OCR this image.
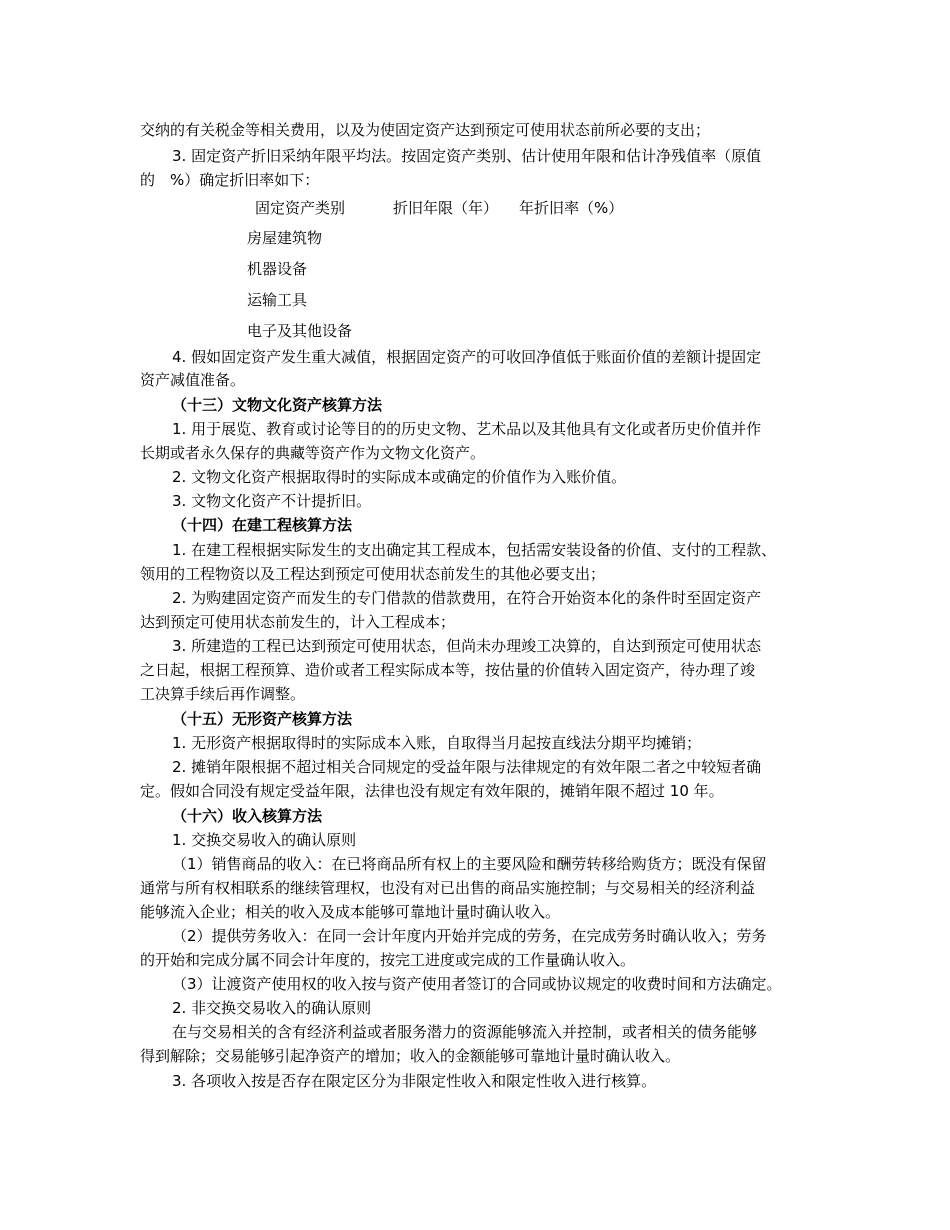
交纳的有关税金等相关费用，以及为使固定资产达到预定可使用状态前所必要的支出；
3. 固定资产折旧采纳年限平均法。按固定资产类别、估计使用年限和估计净残值率（原值
的　%）确定折旧率如下：
固定资产类别	折旧年限（年） 年折旧率（%）
房屋建筑物
机器设备
运输工具
电子及其他设备
4. 假如固定资产发生重大减值，根据固定资产的可收回净值低于账面价值的差额计提固定
资产减值准备。
（十三）文物文化资产核算方法
1. 用于展览、教育或讨论等目的的历史文物、艺术品以及其他具有文化或者历史价值并作
长期或者永久保存的典藏等资产作为文物文化资产。
2. 文物文化资产根据取得时的实际成本或确定的价值作为入账价值。
3. 文物文化资产不计提折旧。
（十四）在建工程核算方法
1. 在建工程根据实际发生的支出确定其工程成本，包括需安装设备的价值、支付的工程款、
领用的工程物资以及工程达到预定可使用状态前发生的其他必要支出；
2. 为购建固定资产而发生的专门借款的借款费用，在符合开始资本化的条件时至固定资产
达到预定可使用状态前发生的，计入工程成本；
3. 所建造的工程已达到预定可使用状态，但尚未办理竣工决算的，自达到预定可使用状态
之日起，根据工程预算、造价或者工程实际成本等，按估量的价值转入固定资产，待办理了竣
工决算手续后再作调整。
（十五）无形资产核算方法
1. 无形资产根据取得时的实际成本入账，自取得当月起按直线法分期平均摊销；
2. 摊销年限根据不超过相关合同规定的受益年限与法律规定的有效年限二者之中较短者确
定。假如合同没有规定受益年限，法律也没有规定有效年限的，摊销年限不超过 10 年。
（十六）收入核算方法
1. 交换交易收入的确认原则
（1）销售商品的收入：在已将商品所有权上的主要风险和酬劳转移给购货方；既没有保留
通常与所有权相联系的继续管理权，也没有对已出售的商品实施控制；与交易相关的经济利益
能够流入企业；相关的收入及成本能够可靠地计量时确认收入。
（2）提供劳务收入：在同一会计年度内开始并完成的劳务，在完成劳务时确认收入；劳务
的开始和完成分属不同会计年度的，按完工进度或完成的工作量确认收入。
（3）让渡资产使用权的收入按与资产使用者签订的合同或协议规定的收费时间和方法确定。
2. 非交换交易收入的确认原则
在与交易相关的含有经济利益或者服务潜力的资源能够流入并控制，或者相关的债务能够
得到解除；交易能够引起净资产的增加；收入的金额能够可靠地计量时确认收入。
3. 各项收入按是否存在限定区分为非限定性收入和限定性收入进行核算。
